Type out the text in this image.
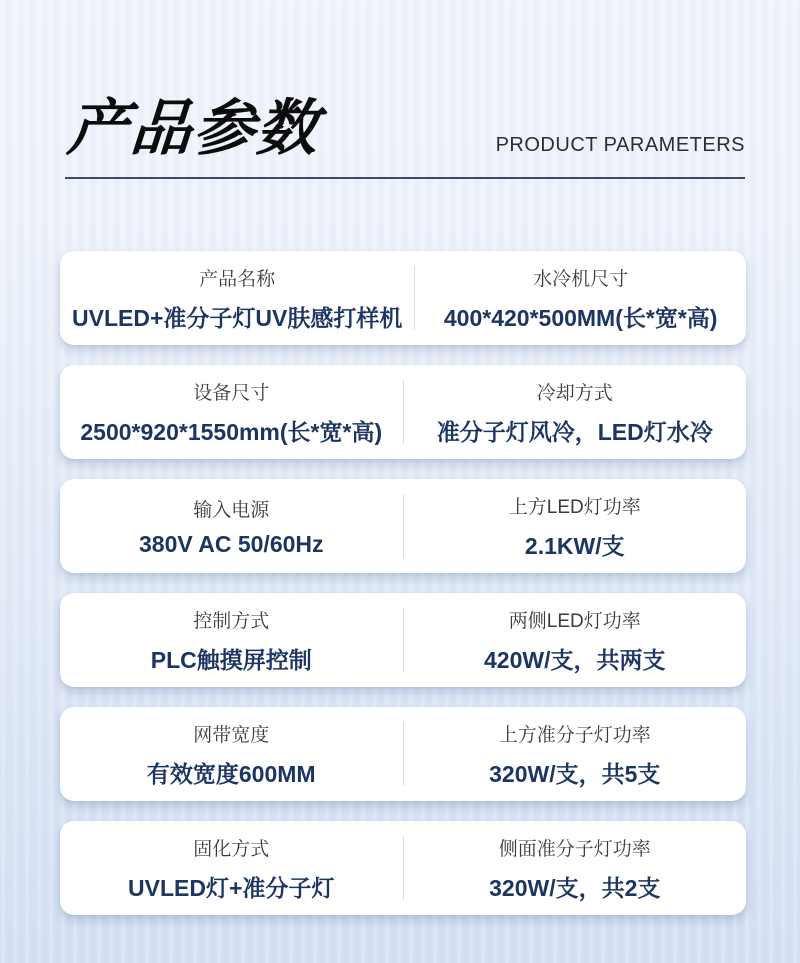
产品参数	PRODUCT PARAMETERS
产品名称
UVLED+准分子灯UV肤感打样机
水冷机尺寸
400*420*500MM(长*宽*高)
设备尺寸
2500*920*1550mm(长*宽*高)
冷却方式
准分子灯风冷，LED灯水冷
输入电源
380V AC 50/60Hz
上方LED灯功率
2.1KW/支
控制方式
PLC触摸屏控制
两侧LED灯功率
420W/支，共两支
网带宽度
有效宽度600MM
上方准分子灯功率
320W/支，共5支
固化方式
UVLED灯+准分子灯
侧面准分子灯功率
320W/支，共2支
